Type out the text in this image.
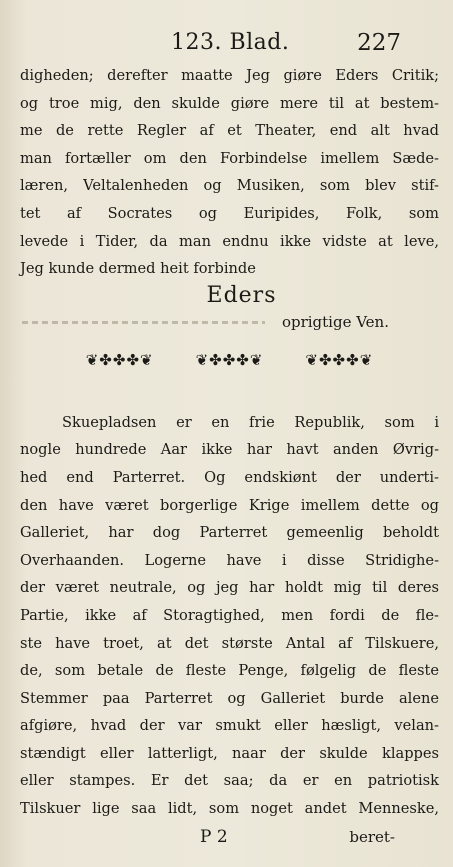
123. Blad.	227
digheden; derefter maatte Jeg giøre Eders Critik;
og troe mig, den skulde giøre mere til at bestem-
me de rette Regler af et Theater, end alt hvad
man fortæller om den Forbindelse imellem Sæde-
læren, Veltalenheden og Musiken, som blev stif-
tet af Socrates og Euripides, Folk, som
levede i Tider, da man endnu ikke vidste at leve,
Jeg kunde dermed heit forbinde
Eders
oprigtige Ven.
❦✤✤✤❦	❦✤✤✤❦	❦✤✤✤❦
Skuepladsen er en frie Republik, som i
nogle hundrede Aar ikke har havt anden Øvrig-
hed end Parterret. Og endskiønt der underti-
den have været borgerlige Krige imellem dette og
Galleriet, har dog Parterret gemeenlig beholdt
Overhaanden. Logerne have i disse Stridighe-
der været neutrale, og jeg har holdt mig til deres
Partie, ikke af Storagtighed, men fordi de fle-
ste have troet, at det største Antal af Tilskuere,
de, som betale de fleste Penge, følgelig de fleste
Stemmer paa Parterret og Galleriet burde alene
afgiøre, hvad der var smukt eller hæsligt, velan-
stændigt eller latterligt, naar der skulde klappes
eller stampes. Er det saa; da er en patriotisk
Tilskuer lige saa lidt, som noget andet Menneske,
P 2	beret-
